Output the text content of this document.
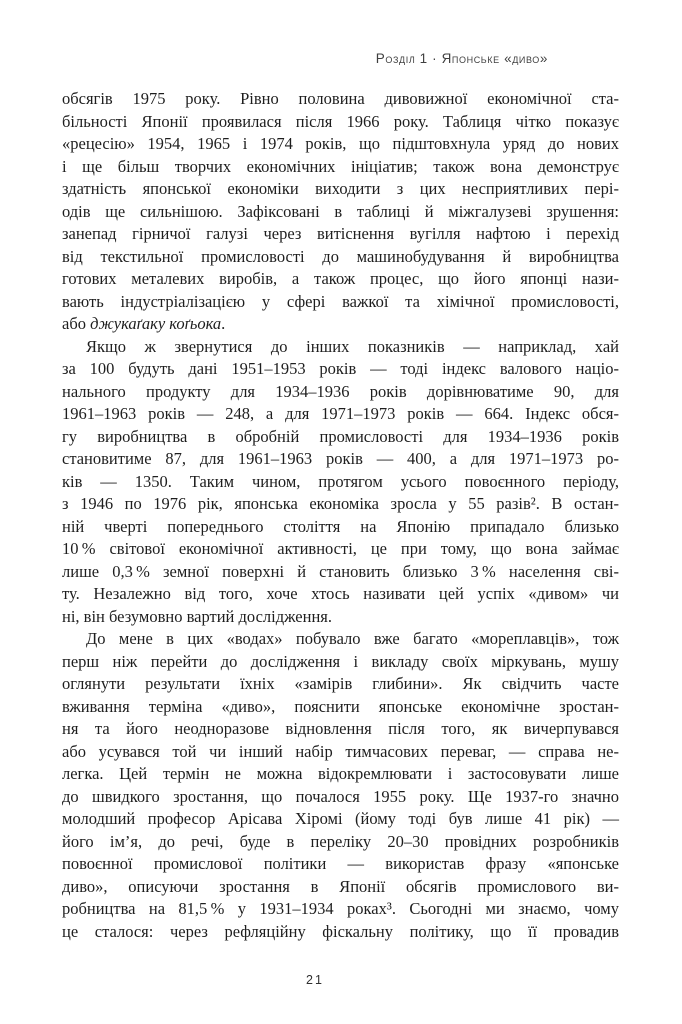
Розділ 1 · Японське «диво»
обсягів 1975 року. Рівно половина дивовижної економічної ста-
більності Японії проявилася після 1966 року. Таблиця чітко показує
«рецесію» 1954, 1965 і 1974 років, що підштовхнула уряд до нових
і ще більш творчих економічних ініціатив; також вона демонструє
здатність японської економіки виходити з цих несприятливих пері-
одів ще сильнішою. Зафіксовані в таблиці й міжгалузеві зрушення:
занепад гірничої галузі через витіснення вугілля нафтою і перехід
від текстильної промисловості до машинобудування й виробництва
готових металевих виробів, а також процес, що його японці нази-
вають індустріалізацією у сфері важкої та хімічної промисловості,
або джукаґаку коґьока.
Якщо ж звернутися до інших показників — наприклад, хай
за 100 будуть дані 1951–1953 років — тоді індекс валового націо-
нального продукту для 1934–1936 років дорівнюватиме 90, для
1961–1963 років — 248, а для 1971–1973 років — 664. Індекс обся-
гу виробництва в обробній промисловості для 1934–1936 років
становитиме 87, для 1961–1963 років — 400, а для 1971–1973 ро-
ків — 1350. Таким чином, протягом усього повоєнного періоду,
з 1946 по 1976 рік, японська економіка зросла у 55 разів². В остан-
ній чверті попереднього століття на Японію припадало близько
10 % світової економічної активності, це при тому, що вона займає
лише 0,3 % земної поверхні й становить близько 3 % населення сві-
ту. Незалежно від того, хоче хтось називати цей успіх «дивом» чи
ні, він безумовно вартий дослідження.
До мене в цих «водах» побувало вже багато «мореплавців», тож
перш ніж перейти до дослідження і викладу своїх міркувань, мушу
оглянути результати їхніх «замірів глибини». Як свідчить часте
вживання терміна «диво», пояснити японське економічне зростан-
ня та його неодноразове відновлення після того, як вичерпувався
або усувався той чи інший набір тимчасових переваг, — справа не-
легка. Цей термін не можна відокремлювати і застосовувати лише
до швидкого зростання, що почалося 1955 року. Ще 1937-го значно
молодший професор Арісава Хіромі (йому тоді був лише 41 рік) —
його ім’я, до речі, буде в переліку 20–30 провідних розробників
повоєнної промислової політики — використав фразу «японське
диво», описуючи зростання в Японії обсягів промислового ви-
робництва на 81,5 % у 1931–1934 роках³. Сьогодні ми знаємо, чому
це сталося: через рефляційну фіскальну політику, що її провадив
21
